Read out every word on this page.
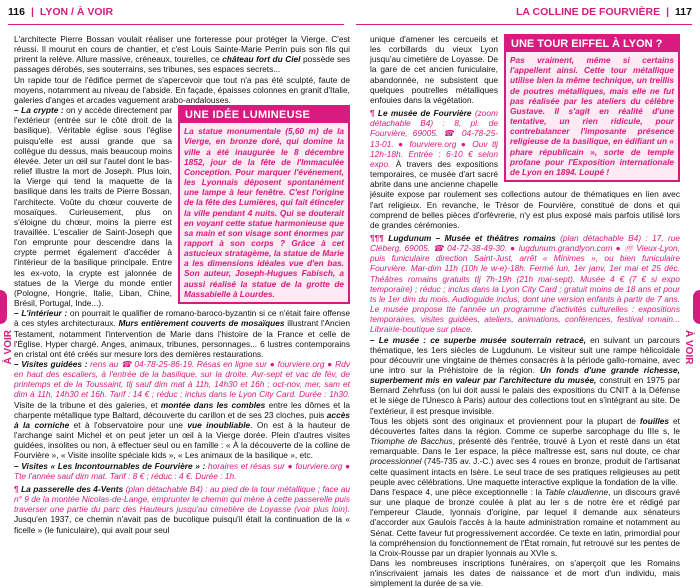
116 | LYON / À VOIR	LA COLLINE DE FOURVIÈRE | 117
À VOIR	À VOIR

L'architecte Pierre Bossan voulait réaliser une forteresse pour protéger la Vierge. C'est réussi. Il mourut en cours de chantier, et c'est Louis Sainte-Marie Perrin puis son fils qui prirent la relève. Allure massive, créneaux, tourelles, ce château fort du Ciel possède ses passages dérobés, ses souterrains, ses tribunes, ses espaces secrets...

Un rapide tour de l'édifice permet de s'apercevoir que tout n'a pas été sculpté, faute de moyens, notamment au niveau de l'abside. En façade, épaisses colonnes en granit d'Italie, galeries d'anges et arcades vaguement arabo-andalouses.

UNE IDÉE LUMINEUSE
La statue monumentale (5,60 m) de la Vierge, en bronze doré, qui domine la ville a été inaugurée le 8 décembre 1852, jour de la fête de l'Immaculée Conception. Pour marquer l'événement, les Lyonnais déposent spontanément une lampe à leur fenêtre. C'est l'origine de la fête des Lumières, qui fait étinceler la ville pendant 4 nuits. Qui se douterait en voyant cette statue harmonieuse que sa main et son visage sont énormes par rapport à son corps ? Grâce à cet astucieux stratagème, la statue de Marie a les dimensions idéales vue d'en bas. Son auteur, Joseph-Hugues Fabisch, a aussi réalisé la statue de la grotte de Massabielle à Lourdes.

– La crypte : on y accède directement par l'extérieur (entrée sur le côté droit de la basilique). Véritable église sous l'église puisqu'elle est aussi grande que sa collègue du dessus, mais beaucoup moins élevée. Jeter un œil sur l'autel dont le bas-relief illustre la mort de Joseph. Plus loin, la Vierge qui tend la maquette de la basilique dans les traits de Pierre Bossan, l'architecte. Voûte du chœur couverte de mosaïques. Curieusement, plus on s'éloigne du chœur, moins la pierre est travaillée. L'escalier de Saint-Joseph que l'on emprunte pour descendre dans la crypte permet également d'accéder à l'intérieur de la basilique principale. Entre les ex-voto, la crypte est jalonnée de statues de la Vierge du monde entier (Pologne, Hongrie, Italie, Liban, Chine, Brésil, Portugal, Inde...).

– L'intérieur : on pourrait le qualifier de romano-baroco-byzantin si ce n'était faire offense à ces styles architecturaux. Murs entièrement couverts de mosaïques illustrant l'Ancien Testament, notamment l'intervention de Marie dans l'histoire de la France et celle de l'Église. Hyper chargé. Anges, animaux, tribunes, personnages... 6 lustres contemporains en cristal ont été créés sur mesure lors des dernières restaurations.

– Visites guidées : rens au ☎ 04-78-25-86-19. Résas en ligne sur ● fourviere.org ● Rdv en haut des escaliers, à l'entrée de la basilique, sur la droite. Avr-sept et vac de fév, de printemps et de la Toussaint, tlj sauf dim mat à 11h, 14h30 et 16h ; oct-nov, mer, sam et dim à 11h, 14h30 et 16h. Tarif : 14 € ; réduc ; inclus dans le Lyon City Card. Durée : 1h30. Visite de la tribune et des galeries, et montée dans les combles entre les dômes et la charpente métallique type Baltard, découverte du carillon et de ses 23 cloches, puis accès à la corniche et à l'observatoire pour une vue inoubliable. On est à la hauteur de l'archange saint Michel et on peut jeter un œil à la Vierge dorée. Plein d'autres visites guidées, insolites ou non, à effectuer seul ou en famille : « À la découverte de la colline de Fourvière », « Visite insolite spéciale kids », « Les animaux de la basilique », etc.

– Visites « Les Incontournables de Fourvière » : horaires et résas sur ● fourviere.org ● Tte l'année sauf dim mat. Tarif : 8 € ; réduc : 4 €. Durée : 1h.

¶ La passerelle des 4-Vents (plan détachable B4) : au pied de la tour métallique ; face au n° 9 de la montée Nicolas-de-Lange, emprunter le chemin qui mène à cette passerelle puis traverser une partie du parc des Hauteurs jusqu'au cimetière de Loyasse (voir plus loin). Jusqu'en 1937, ce chemin n'avait pas de bucolique puisqu'il était la continuation de la « ficelle » (le funiculaire), qui avait pour seul

UNE TOUR EIFFEL À LYON ?
Pas vraiment, même si certains l'appellent ainsi. Cette tour métallique utilise bien la même technique, un treillis de poutres métalliques, mais elle ne fut pas réalisée par les ateliers du célèbre Gustave. Il s'agit en réalité d'une tentative, un rien ridicule, pour contrebalancer l'imposante présence religieuse de la basilique, en édifiant un « phare républicain », sorte de temple profane pour l'Exposition internationale de Lyon en 1894. Loupé !

unique d'amener les cercueils et les corbillards du vieux Lyon jusqu'au cimetière de Loyasse. De la gare de cet ancien funiculaire, abandonnée, ne subsistent que quelques poutrelles métalliques enfouies dans la végétation.

¶ Le musée de Fourvière (zoom détachable B4) : 8, pl. de Fourvière, 69005. ☎ 04-78-25-13-01. ● fourviere.org ● Ouv tlj 12h-18h. Entrée : 6-10 € selon expo. À travers des expositions temporaires, ce musée d'art sacré abrite dans une ancienne chapelle jésuite expose par roulement ses collections autour de thématiques en lien avec l'art religieux. En revanche, le Trésor de Fourvière, constitué de dons et qui comprend de belles pièces d'orfèvrerie, n'y est plus exposé mais parfois utilisé lors de grandes cérémonies.

¶¶¶ Lugdunum – Musée et théâtres romains (plan détachable B4) : 17, rue Cléberg, 69005. ☎ 04-72-38-49-30. ● lugdunum.grandlyon.com ● ⓜ Vieux-Lyon, puis funiculaire direction Saint-Just, arrêt « Minimes », ou bien funiculaire Fourvière. Mar-dim 11h (10h le w-e)-18h. Fermé lun, 1er janv, 1er mai et 25 déc. Théâtres romains gratuits tlj 7h-19h (21h mai-sept). Musée 4 € (7 € si expo temporaire) ; réduc ; inclus dans la Lyon City Card ; gratuit moins de 18 ans et pour ts le 1er dim du mois. Audioguide inclus, dont une version enfants à partir de 7 ans. Le musée propose tte l'année un programme d'activités culturelles : expositions temporaires, visites guidées, ateliers, animations, conférences, festival romain... Librairie-boutique sur place.

– Le musée : ce superbe musée souterrain retracé, en suivant un parcours thématique, les 1ers siècles de Lugdunum. Le visiteur suit une rampe hélicoïdale pour découvrir une vingtaine de thèmes consacrés à la période gallo-romaine, avec une intro sur la Préhistoire de la région. Un fonds d'une grande richesse, superbement mis en valeur par l'architecture du musée, construit en 1975 par Bernard Zehrfuss (on lui doit aussi le palais des expositions du CNIT à la Défense et le siège de l'Unesco à Paris) autour des collections tout en s'intégrant au site. De l'extérieur, il est presque invisible.

Tous les objets sont des originaux et proviennent pour la plupart de fouilles et découvertes faites dans la région. Comme ce superbe sarcophage du IIIe s, le Triomphe de Bacchus, présenté dès l'entrée, trouvé à Lyon et resté dans un état remarquable. Dans le 1er espace, la pièce maîtresse est, sans nul doute, ce char processionnel (745-735 av. J.-C.) avec ses 4 roues en bronze, produit de l'artisanat celte quasiment intacts en Isère. Le seul trace de ses pratiques religieuses au petit peuple avec célébrations. Une maquette interactive explique la fondation de la ville.

Dans l'espace 4, une pièce exceptionnelle : la Table claudienne, un discours gravé sur une plaque de bronze coulée à plat au Ier s de notre ère et rédigé par l'empereur Claude, lyonnais d'origine, par lequel il demande aux sénateurs d'accorder aux Gaulois l'accès à la haute administration romaine et notamment au Sénat. Cette faveur fut progressivement accordée. Ce texte en latin, primordial pour la compréhension du fonctionnement de l'État romain, fut retrouvé sur les pentes de la Croix-Rousse par un drapier lyonnais au XVIe s.

Dans les nombreuses inscriptions funéraires, on s'aperçoit que les Romains n'inscrivaient jamais les dates de naissance et de mort d'un individu, mais simplement la durée de sa vie.
